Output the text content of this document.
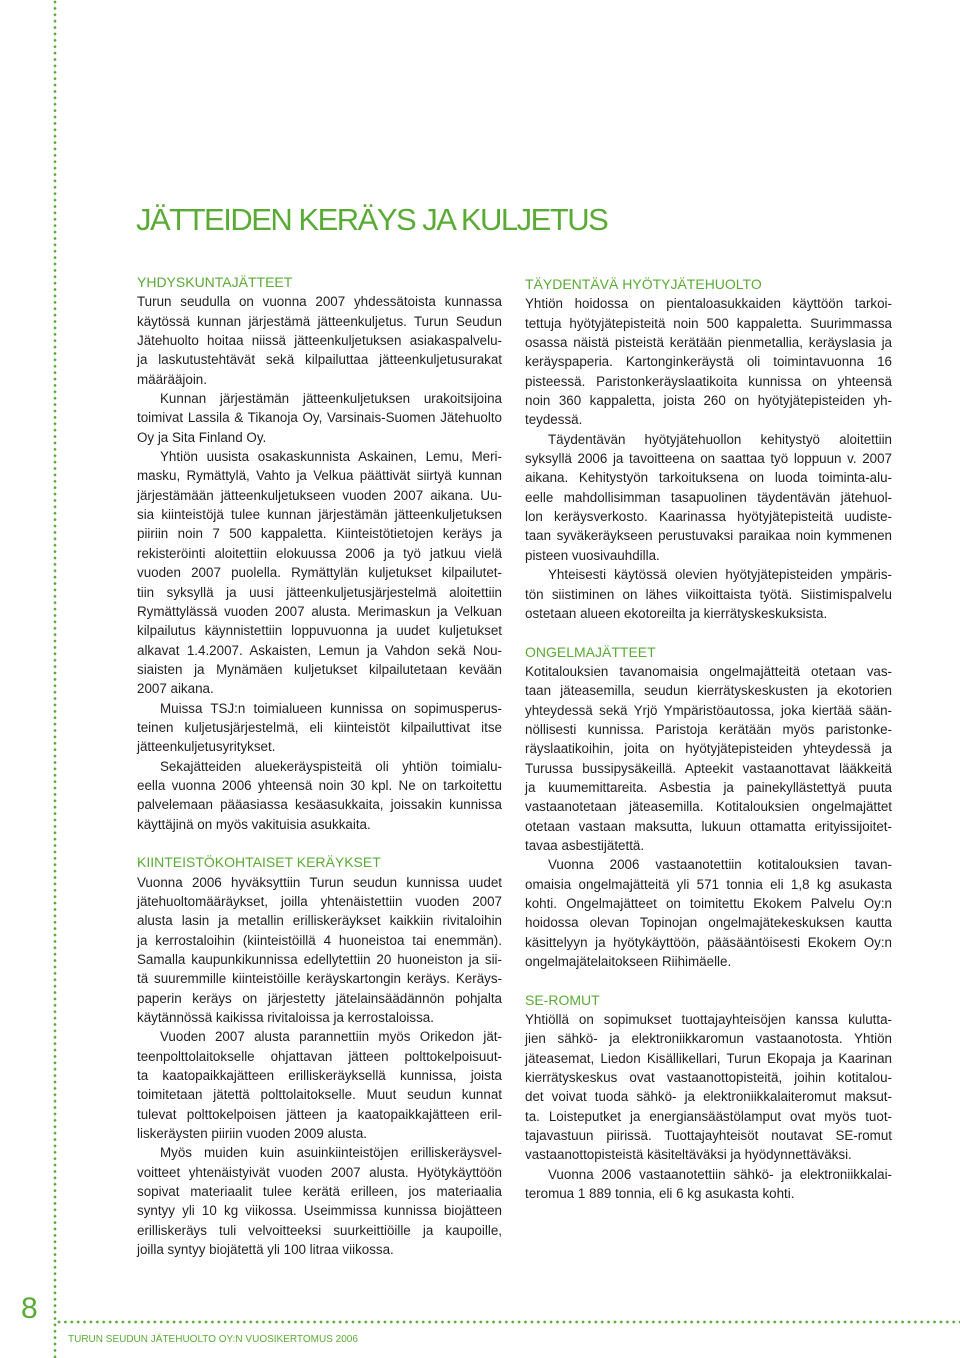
JÄTTEIDEN KERÄYS JA KULJETUS
YHDYSKUNTAJÄTTEET
Turun seudulla on vuonna 2007 yhdessätoista kunnassa
käytössä kunnan järjestämä jätteenkuljetus. Turun Seudun
Jätehuolto hoitaa niissä jätteenkuljetuksen asiakaspalvelu-
ja laskutustehtävät sekä kilpailuttaa jätteenkuljetusurakat
määrääjoin.
Kunnan järjestämän jätteenkuljetuksen urakoitsijoina
toimivat Lassila & Tikanoja Oy, Varsinais-Suomen Jätehuolto
Oy ja Sita Finland Oy.
Yhtiön uusista osakaskunnista Askainen, Lemu, Meri-
masku, Rymättylä, Vahto ja Velkua päättivät siirtyä kunnan
järjestämään jätteenkuljetukseen vuoden 2007 aikana. Uu-
sia kiinteistöjä tulee kunnan järjestämän jätteenkuljetuksen
piiriin noin 7 500 kappaletta. Kiinteistötietojen keräys ja
rekisteröinti aloitettiin elokuussa 2006 ja työ jatkuu vielä
vuoden 2007 puolella. Rymättylän kuljetukset kilpailutet-
tiin syksyllä ja uusi jätteenkuljetusjärjestelmä aloitettiin
Rymättylässä vuoden 2007 alusta. Merimaskun ja Velkuan
kilpailutus käynnistettiin loppuvuonna ja uudet kuljetukset
alkavat 1.4.2007. Askaisten, Lemun ja Vahdon sekä Nou-
siaisten ja Mynämäen kuljetukset kilpailutetaan kevään
2007 aikana.
Muissa TSJ:n toimialueen kunnissa on sopimusperus-
teinen kuljetusjärjestelmä, eli kiinteistöt kilpailuttivat itse
jätteenkuljetusyritykset.
Sekajätteiden aluekeräyspisteitä oli yhtiön toimialu-
eella vuonna 2006 yhteensä noin 30 kpl. Ne on tarkoitettu
palvelemaan pääasiassa kesäasukkaita, joissakin kunnissa
käyttäjinä on myös vakituisia asukkaita.
KIINTEISTÖKOHTAISET KERÄYKSET
Vuonna 2006 hyväksyttiin Turun seudun kunnissa uudet
jätehuoltomääräykset, joilla yhtenäistettiin vuoden 2007
alusta lasin ja metallin erilliskeräykset kaikkiin rivitaloihin
ja kerrostaloihin (kiinteistöillä 4 huoneistoa tai enemmän).
Samalla kaupunkikunnissa edellytettiin 20 huoneiston ja sii-
tä suuremmille kiinteistöille keräyskartongin keräys. Keräys-
paperin keräys on järjestetty jätelainsäädännön pohjalta
käytännössä kaikissa rivitaloissa ja kerrostaloissa.
Vuoden 2007 alusta parannettiin myös Orikedon jät-
teenpolttolaitokselle ohjattavan jätteen polttokelpoisuut-
ta kaatopaikkajätteen erilliskeräyksellä kunnissa, joista
toimitetaan jätettä polttolaitokselle. Muut seudun kunnat
tulevat polttokelpoisen jätteen ja kaatopaikkajätteen eril-
liskeräysten piiriin vuoden 2009 alusta.
Myös muiden kuin asuinkiinteistöjen erilliskeräysvel-
voitteet yhtenäistyivät vuoden 2007 alusta. Hyötykäyttöön
sopivat materiaalit tulee kerätä erilleen, jos materiaalia
syntyy yli 10 kg viikossa. Useimmissa kunnissa biojätteen
erilliskeräys tuli velvoitteeksi suurkeittiöille ja kaupoille,
joilla syntyy biojätettä yli 100 litraa viikossa.
TÄYDENTÄVÄ HYÖTYJÄTEHUOLTO
Yhtiön hoidossa on pientaloasukkaiden käyttöön tarkoi-
tettuja hyötyjätepisteitä noin 500 kappaletta. Suurimmassa
osassa näistä pisteistä kerätään pienmetallia, keräyslasia ja
keräyspaperia. Kartonginkeräystä oli toimintavuonna 16
pisteessä. Paristonkeräyslaatikoita kunnissa on yhteensä
noin 360 kappaletta, joista 260 on hyötyjätepisteiden yh-
teydessä.
Täydentävän hyötyjätehuollon kehitystyö aloitettiin
syksyllä 2006 ja tavoitteena on saattaa työ loppuun v. 2007
aikana. Kehitystyön tarkoituksena on luoda toiminta-alu-
eelle mahdollisimman tasapuolinen täydentävän jätehuol-
lon keräysverkosto. Kaarinassa hyötyjätepisteitä uudiste-
taan syväkeräykseen perustuvaksi paraikaa noin kymmenen
pisteen vuosivauhdilla.
Yhteisesti käytössä olevien hyötyjätepisteiden ympäris-
tön siistiminen on lähes viikoittaista työtä. Siistimispalvelu
ostetaan alueen ekotoreilta ja kierrätyskeskuksista.
ONGELMAJÄTTEET
Kotitalouksien tavanomaisia ongelmajätteitä otetaan vas-
taan jäteasemilla, seudun kierrätyskeskusten ja ekotorien
yhteydessä sekä Yrjö Ympäristöautossa, joka kiertää sään-
nöllisesti kunnissa. Paristoja kerätään myös paristonke-
räyslaatikoihin, joita on hyötyjätepisteiden yhteydessä ja
Turussa bussipysäkeillä. Apteekit vastaanottavat lääkkeitä
ja kuumemittareita. Asbestia ja painekyllästettyä puuta
vastaanotetaan jäteasemilla. Kotitalouksien ongelmajättet
otetaan vastaan maksutta, lukuun ottamatta erityissijoitet-
tavaa asbestijätettä.
Vuonna 2006 vastaanotettiin kotitalouksien tavan-
omaisia ongelmajätteitä yli 571 tonnia eli 1,8 kg asukasta
kohti. Ongelmajätteet on toimitettu Ekokem Palvelu Oy:n
hoidossa olevan Topinojan ongelmajätekeskuksen kautta
käsittelyyn ja hyötykäyttöön, pääsääntöisesti Ekokem Oy:n
ongelmajätelaitokseen Riihimäelle.
SE-ROMUT
Yhtiöllä on sopimukset tuottajayhteisöjen kanssa kulutta-
jien sähkö- ja elektroniikkaromun vastaanotosta. Yhtiön
jäteasemat, Liedon Kisällikellari, Turun Ekopaja ja Kaarinan
kierrätyskeskus ovat vastaanottopisteitä, joihin kotitalou-
det voivat tuoda sähkö- ja elektroniikkalaiteromut maksut-
ta. Loisteputket ja energiansäästölamput ovat myös tuot-
tajavastuun piirissä. Tuottajayhteisöt noutavat SE-romut
vastaanottopisteistä käsiteltäväksi ja hyödynnettäväksi.
Vuonna 2006 vastaanotettiin sähkö- ja elektroniikkalai-
teromua 1 889 tonnia, eli 6 kg asukasta kohti.
8
TURUN SEUDUN JÄTEHUOLTO OY:N VUOSIKERTOMUS 2006
